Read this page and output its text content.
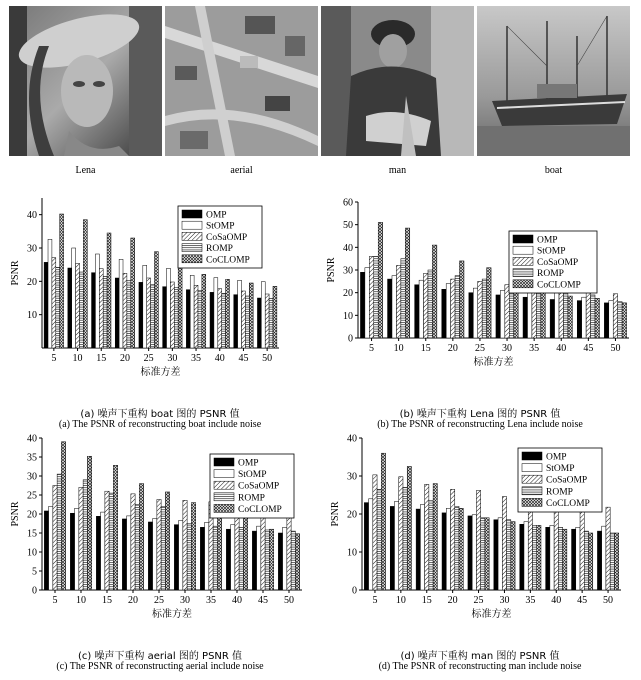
Lena	aerial	man	boat
10
20
30
40
PSNR
5 10 15 20 25 30 35 40 45 50
标准方差
OMP
StOMP
CoSaOMP
ROMP
CoCLOMP
0
10
20
30
40
50
60
PSNR
5 10 15 20 25 30 35 40 45 50
标准方差
OMP
StOMP
CoSaOMP
ROMP
CoCLOMP
0
5
10
15
20
25
30
35
40
PSNR
5 10 15 20 25 30 35 40 45 50
标准方差
OMP
StOMP
CoSaOMP
ROMP
CoCLOMP
0
10
20
30
40
PSNR
5 10 15 20 25 30 35 40 45 50
标准方差
OMP
StOMP
CoSaOMP
ROMP
CoCLOMP
(a) 噪声下重构 boat 图的 PSNR 值
(a) The PSNR of reconstructing boat include noise
(b) 噪声下重构 Lena 图的 PSNR 值
(b) The PSNR of reconstructing Lena include noise
(c) 噪声下重构 aerial 图的 PSNR 值
(c) The PSNR of reconstructing aerial include noise
(d) 噪声下重构 man 图的 PSNR 值
(d) The PSNR of reconstructing man include noise
